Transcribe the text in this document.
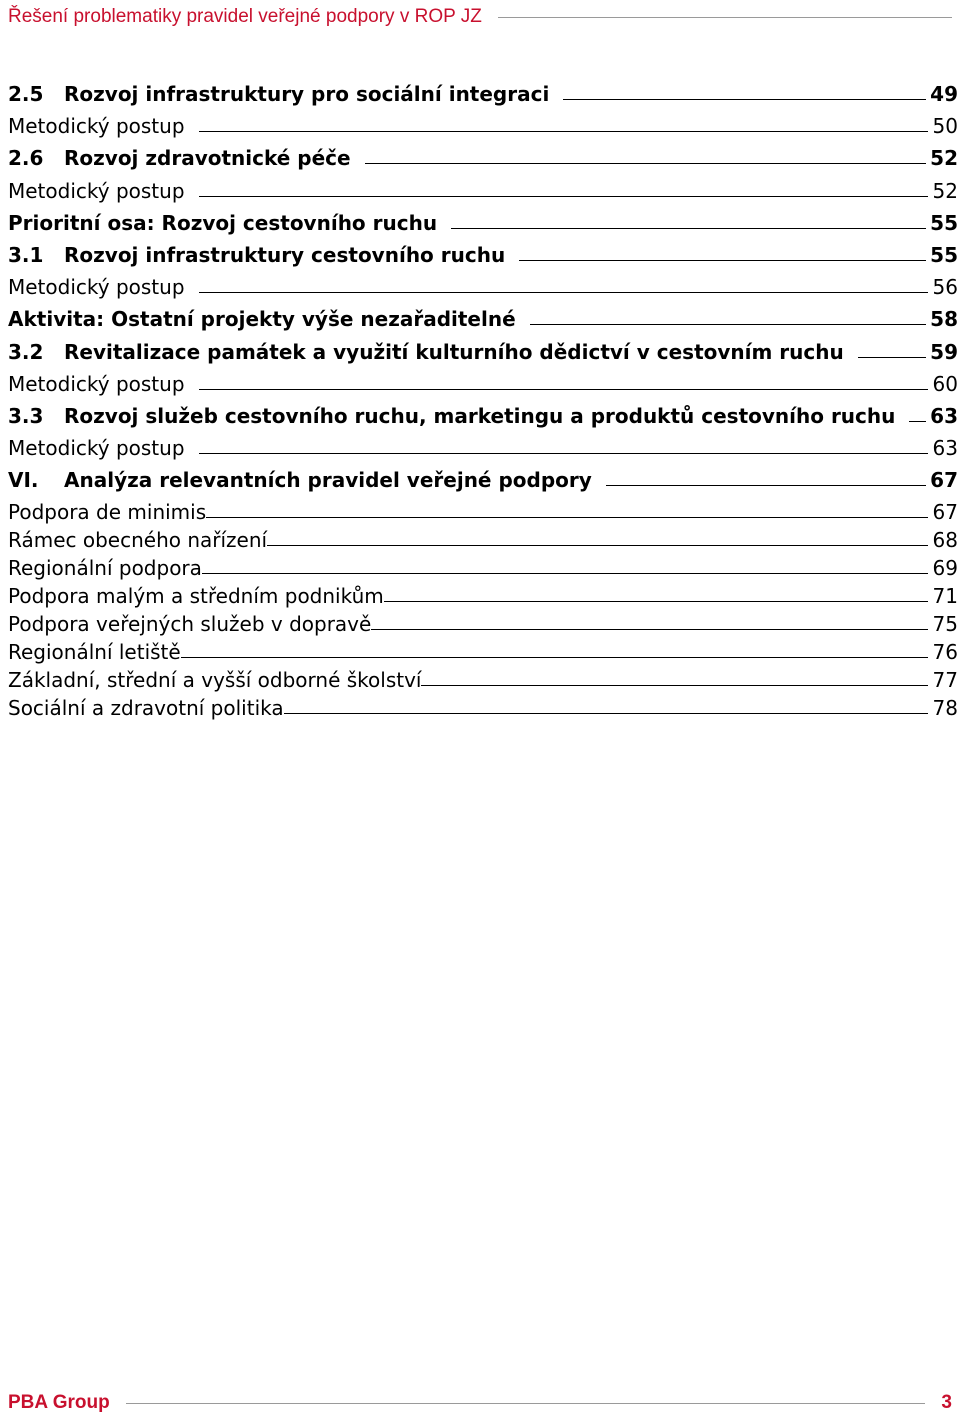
Řešení problematiky pravidel veřejné podpory v ROP JZ
2.5	Rozvoj infrastruktury pro sociální integraci	49
Metodický postup	50
2.6	Rozvoj zdravotnické péče	52
Metodický postup	52
Prioritní osa: Rozvoj cestovního ruchu	55
3.1	Rozvoj infrastruktury cestovního ruchu	55
Metodický postup	56
Aktivita: Ostatní projekty výše nezařaditelné	58
3.2	Revitalizace památek a využití kulturního dědictví v cestovním ruchu	59
Metodický postup	60
3.3	Rozvoj služeb cestovního ruchu, marketingu a produktů cestovního ruchu 63
Metodický postup	63
VI.	Analýza relevantních pravidel veřejné podpory	67
Podpora de minimis	67
Rámec obecného nařízení	68
Regionální podpora	69
Podpora malým a středním podnikům	71
Podpora veřejných služeb v dopravě	75
Regionální letiště	76
Základní, střední a vyšší odborné školství	77
Sociální a zdravotní politika	78
PBA Group	3
